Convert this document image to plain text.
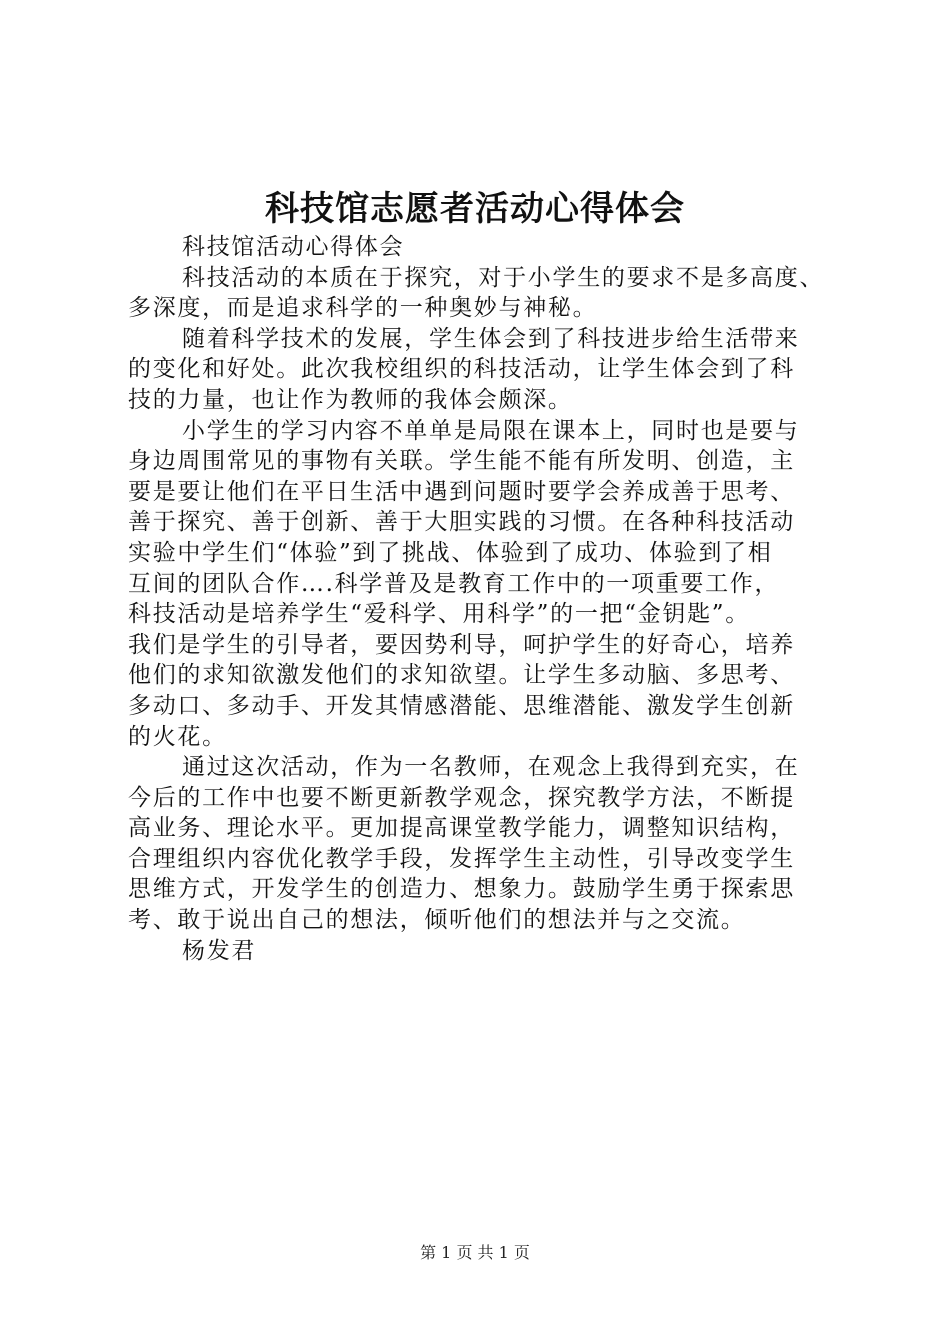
科技馆志愿者活动心得体会
科技馆活动心得体会
科技活动的本质在于探究，对于小学生的要求不是多高度、
多深度，而是追求科学的一种奥妙与神秘。
随着科学技术的发展，学生体会到了科技进步给生活带来
的变化和好处。此次我校组织的科技活动，让学生体会到了科
技的力量，也让作为教师的我体会颇深。
小学生的学习内容不单单是局限在课本上，同时也是要与
身边周围常见的事物有关联。学生能不能有所发明、创造，主
要是要让他们在平日生活中遇到问题时要学会养成善于思考、
善于探究、善于创新、善于大胆实践的习惯。在各种科技活动
实验中学生们“体验”到了挑战、体验到了成功、体验到了相
互间的团队合作….科学普及是教育工作中的一项重要工作，
科技活动是培养学生“爱科学、用科学”的一把“金钥匙”。
我们是学生的引导者，要因势利导，呵护学生的好奇心，培养
他们的求知欲激发他们的求知欲望。让学生多动脑、多思考、
多动口、多动手、开发其情感潜能、思维潜能、激发学生创新
的火花。
通过这次活动，作为一名教师，在观念上我得到充实，在
今后的工作中也要不断更新教学观念，探究教学方法，不断提
高业务、理论水平。更加提高课堂教学能力，调整知识结构，
合理组织内容优化教学手段，发挥学生主动性，引导改变学生
思维方式，开发学生的创造力、想象力。鼓励学生勇于探索思
考、敢于说出自己的想法，倾听他们的想法并与之交流。
杨发君
第 1 页 共 1 页
